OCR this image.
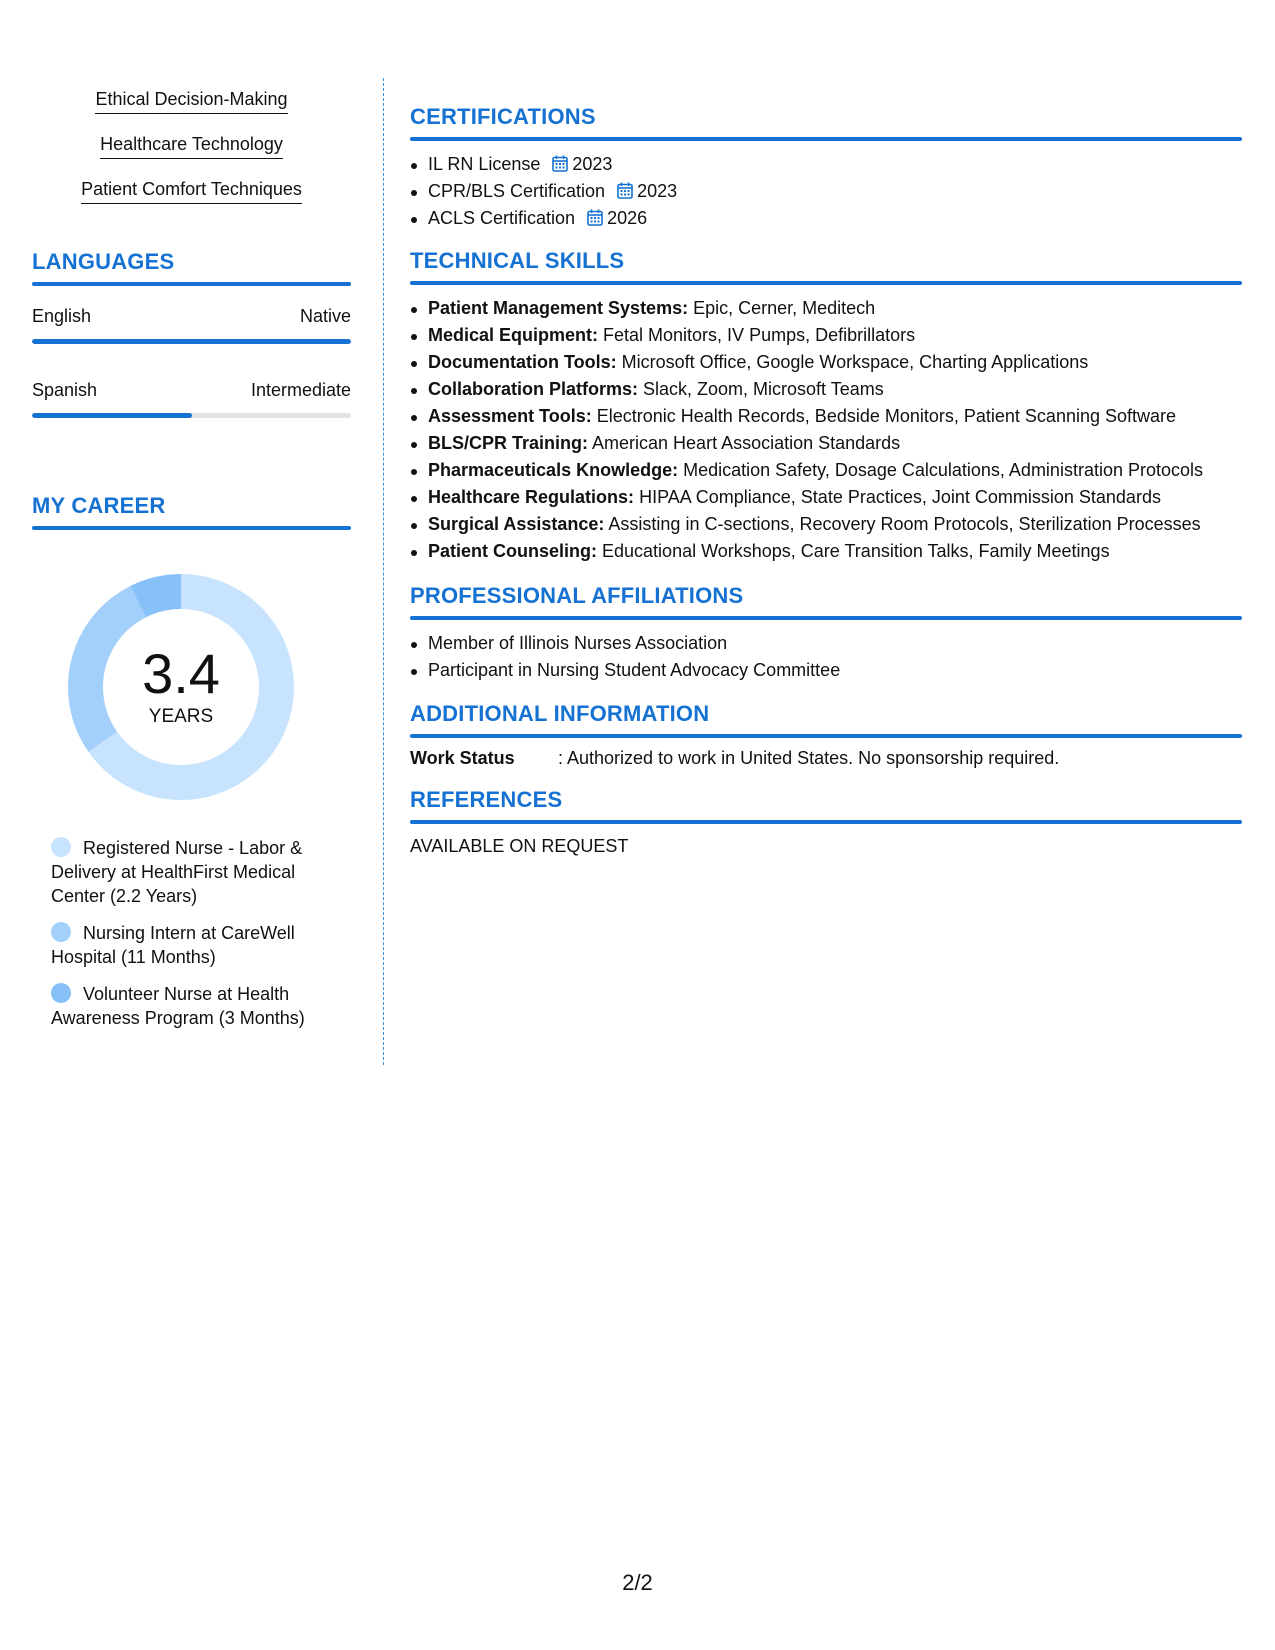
Ethical Decision-Making
Healthcare Technology
Patient Comfort Techniques
LANGUAGES
English	Native
Spanish	Intermediate
MY CAREER
3.4
YEARS
Registered Nurse - Labor & Delivery at HealthFirst Medical Center (2.2 Years)
Nursing Intern at CareWell Hospital (11 Months)
Volunteer Nurse at Health Awareness Program (3 Months)
CERTIFICATIONS
IL RN License 2023
CPR/BLS Certification 2023
ACLS Certification 2026
TECHNICAL SKILLS
Patient Management Systems: Epic, Cerner, Meditech
Medical Equipment: Fetal Monitors, IV Pumps, Defibrillators
Documentation Tools: Microsoft Office, Google Workspace, Charting Applications
Collaboration Platforms: Slack, Zoom, Microsoft Teams
Assessment Tools: Electronic Health Records, Bedside Monitors, Patient Scanning Software
BLS/CPR Training: American Heart Association Standards
Pharmaceuticals Knowledge: Medication Safety, Dosage Calculations, Administration Protocols
Healthcare Regulations: HIPAA Compliance, State Practices, Joint Commission Standards
Surgical Assistance: Assisting in C-sections, Recovery Room Protocols, Sterilization Processes
Patient Counseling: Educational Workshops, Care Transition Talks, Family Meetings
PROFESSIONAL AFFILIATIONS
Member of Illinois Nurses Association
Participant in Nursing Student Advocacy Committee
ADDITIONAL INFORMATION
Work Status	: Authorized to work in United States. No sponsorship required.
REFERENCES
AVAILABLE ON REQUEST
2/2
